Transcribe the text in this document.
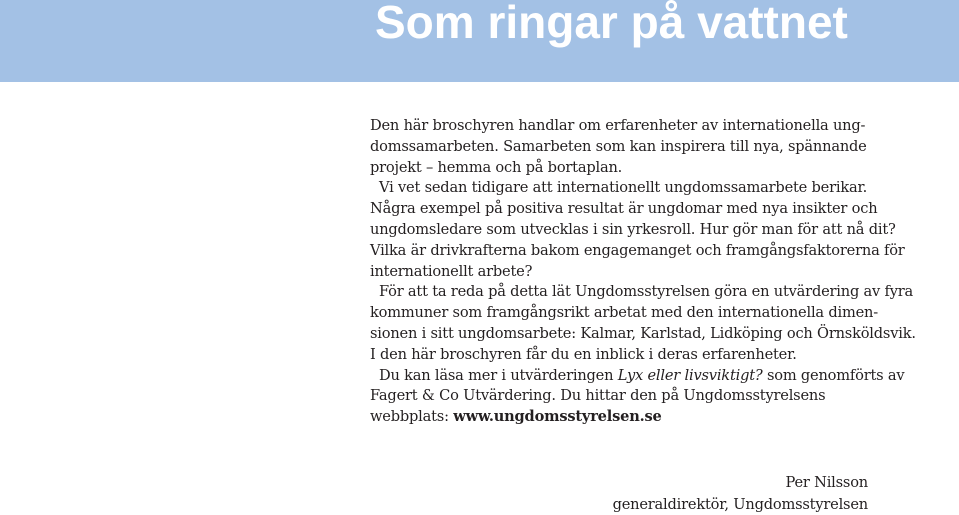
Som ringar på vattnet
Den här broschyren handlar om erfarenheter av internationella ung-
domssamarbeten. Samarbeten som kan inspirera till nya, spännande
projekt – hemma och på bortaplan.
Vi vet sedan tidigare att internationellt ungdomssamarbete berikar.
Några exempel på positiva resultat är ungdomar med nya insikter och
ungdomsledare som utvecklas i sin yrkesroll. Hur gör man för att nå dit?
Vilka är drivkrafterna bakom engagemanget och framgångsfaktorerna för
internationellt arbete?
För att ta reda på detta lät Ungdomsstyrelsen göra en utvärdering av fyra
kommuner som framgångsrikt arbetat med den internationella dimen-
sionen i sitt ungdomsarbete: Kalmar, Karlstad, Lidköping och Örnsköldsvik.
I den här broschyren får du en inblick i deras erfarenheter.
Du kan läsa mer i utvärderingen Lyx eller livsviktigt? som genomförts av
Fagert & Co Utvärdering. Du hittar den på Ungdomsstyrelsens
webbplats: www.ungdomsstyrelsen.se
Per Nilsson
generaldirektör, Ungdomsstyrelsen
